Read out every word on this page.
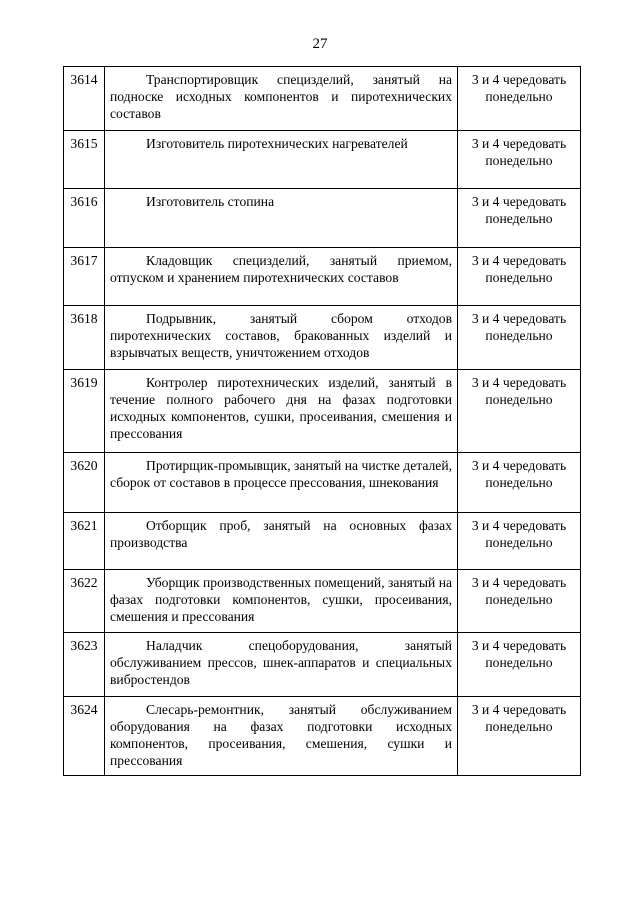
27
3614	Транспортировщик специзделий, занятый на подноске исходных компонентов и пиротехнических составов	3 и 4 чередовать понедельно
3615	Изготовитель пиротехнических нагревателей	3 и 4 чередовать понедельно
3616	Изготовитель стопина	3 и 4 чередовать понедельно
3617	Кладовщик специзделий, занятый приемом, отпуском и хранением пиротехнических составов	3 и 4 чередовать понедельно
3618	Подрывник, занятый сбором отходов пиротехнических составов, бракованных изделий и взрывчатых веществ, уничтожением отходов	3 и 4 чередовать понедельно
3619	Контролер пиротехнических изделий, занятый в течение полного рабочего дня на фазах подготовки исходных компонентов, сушки, просеивания, смешения и прессования	3 и 4 чередовать понедельно
3620	Протирщик-промывщик, занятый на чистке деталей, сборок от составов в процессе прессования, шнекования	3 и 4 чередовать понедельно
3621	Отборщик проб, занятый на основных фазах производства	3 и 4 чередовать понедельно
3622	Уборщик производственных помещений, занятый на фазах подготовки компонентов, сушки, просеивания, смешения и прессования	3 и 4 чередовать понедельно
3623	Наладчик спецоборудования, занятый обслуживанием прессов, шнек-аппаратов и специальных вибростендов	3 и 4 чередовать понедельно
3624	Слесарь-ремонтник, занятый обслуживанием оборудования на фазах подготовки исходных компонентов, просеивания, смешения, сушки и прессования	3 и 4 чередовать понедельно
